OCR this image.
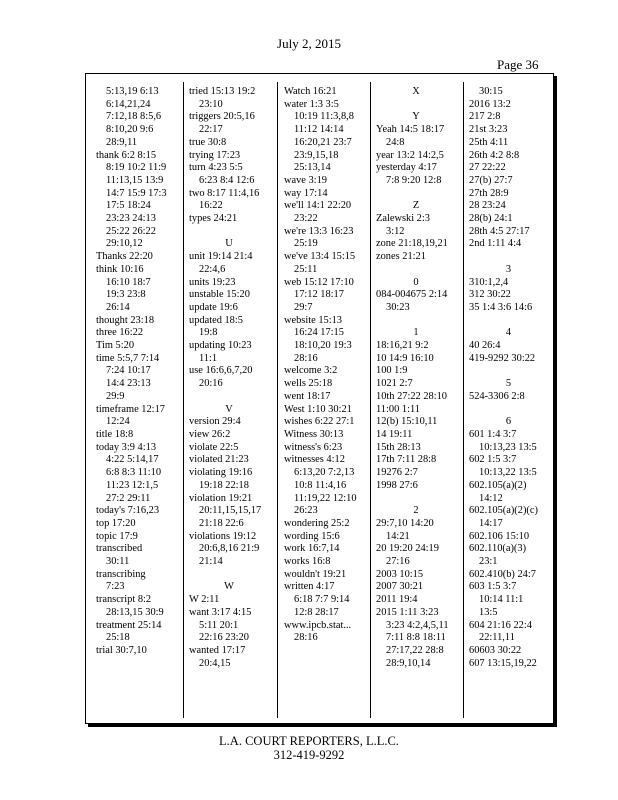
July 2, 2015
Page 36
5:13,19 6:13
6:14,21,24
7:12,18 8:5,6
8:10,20 9:6
28:9,11
thank 6:2 8:15
8:19 10:2 11:9
11:13,15 13:9
14:7 15:9 17:3
17:5 18:24
23:23 24:13
25:22 26:22
29:10,12
Thanks 22:20
think 10:16
16:10 18:7
19:3 23:8
26:14
thought 23:18
three 16:22
Tim 5:20
time 5:5,7 7:14
7:24 10:17
14:4 23:13
29:9
timeframe 12:17
12:24
title 18:8
today 3:9 4:13
4:22 5:14,17
6:8 8:3 11:10
11:23 12:1,5
27:2 29:11
today's 7:16,23
top 17:20
topic 17:9
transcribed
30:11
transcribing
7:23
transcript 8:2
28:13,15 30:9
treatment 25:14
25:18
trial 30:7,10
tried 15:13 19:2
23:10
triggers 20:5,16
22:17
true 30:8
trying 17:23
turn 4:23 5:5
6:23 8:4 12:6
two 8:17 11:4,16
16:22
types 24:21

U
unit 19:14 21:4
22:4,6
units 19:23
unstable 15:20
update 19:6
updated 18:5
19:8
updating 10:23
11:1
use 16:6,6,7,20
20:16

V
version 29:4
view 26:2
violate 22:5
violated 21:23
violating 19:16
19:18 22:18
violation 19:21
20:11,15,15,17
21:18 22:6
violations 19:12
20:6,8,16 21:9
21:14

W
W 2:11
want 3:17 4:15
5:11 20:1
22:16 23:20
wanted 17:17
20:4,15
Watch 16:21
water 1:3 3:5
10:19 11:3,8,8
11:12 14:14
16:20,21 23:7
23:9,15,18
25:13,14
wave 3:19
way 17:14
we'll 14:1 22:20
23:22
we're 13:3 16:23
25:19
we've 13:4 15:15
25:11
web 15:12 17:10
17:12 18:17
29:7
website 15:13
16:24 17:15
18:10,20 19:3
28:16
welcome 3:2
wells 25:18
went 18:17
West 1:10 30:21
wishes 6:22 27:1
Witness 30:13
witness's 6:23
witnesses 4:12
6:13,20 7:2,13
10:8 11:4,16
11:19,22 12:10
26:23
wondering 25:2
wording 15:6
work 16:7,14
works 16:8
wouldn't 19:21
written 4:17
6:18 7:7 9:14
12:8 28:17
www.ipcb.stat...
28:16
X

Y
Yeah 14:5 18:17
24:8
year 13:2 14:2,5
yesterday 4:17
7:8 9:20 12:8

Z
Zalewski 2:3
3:12
zone 21:18,19,21
zones 21:21

0
084-004675 2:14
30:23

1
18:16,21 9:2
10 14:9 16:10
100 1:9
1021 2:7
10th 27:22 28:10
11:00 1:11
12(b) 15:10,11
14 19:11
15th 28:13
17th 7:11 28:8
19276 2:7
1998 27:6

2
29:7,10 14:20
14:21
20 19:20 24:19
27:16
2003 10:15
2007 30:21
2011 19:4
2015 1:11 3:23
3:23 4:2,4,5,11
7:11 8:8 18:11
27:17,22 28:8
28:9,10,14
30:15
2016 13:2
217 2:8
21st 3:23
25th 4:11
26th 4:2 8:8
27 22:22
27(b) 27:7
27th 28:9
28 23:24
28(b) 24:1
28th 4:5 27:17
2nd 1:11 4:4

3
310:1,2,4
312 30:22
35 1:4 3:6 14:6

4
40 26:4
419-9292 30:22

5
524-3306 2:8

6
601 1:4 3:7
10:13,23 13:5
602 1:5 3:7
10:13,22 13:5
602.105(a)(2)
14:12
602.105(a)(2)(c)
14:17
602.106 15:10
602.110(a)(3)
23:1
602.410(b) 24:7
603 1:5 3:7
10:14 11:1
13:5
604 21:16 22:4
22:11,11
60603 30:22
607 13:15,19,22
L.A. COURT REPORTERS, L.L.C.
312-419-9292
